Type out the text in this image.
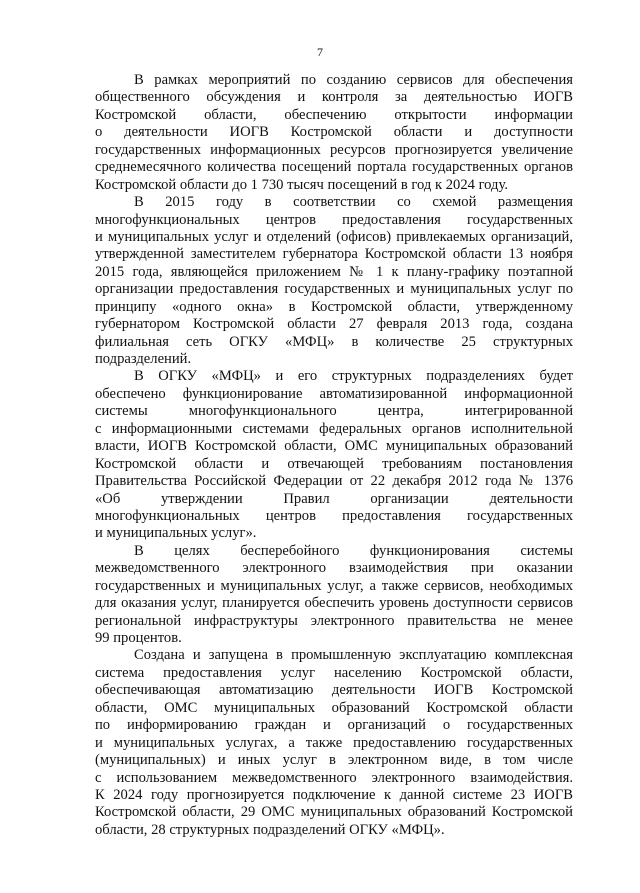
7
В рамках мероприятий по созданию сервисов для обеспечения
общественного обсуждения и контроля за деятельностью ИОГВ
Костромской области, обеспечению открытости информации
о деятельности ИОГВ Костромской области и доступности
государственных информационных ресурсов прогнозируется увеличение
среднемесячного количества посещений портала государственных органов
Костромской области до 1 730 тысяч посещений в год к 2024 году.
В 2015 году в соответствии со схемой размещения
многофункциональных центров предоставления государственных
и муниципальных услуг и отделений (офисов) привлекаемых организаций,
утвержденной заместителем губернатора Костромской области 13 ноября
2015 года, являющейся приложением № 1 к плану-графику поэтапной
организации предоставления государственных и муниципальных услуг по
принципу «одного окна» в Костромской области, утвержденному
губернатором Костромской области 27 февраля 2013 года, создана
филиальная сеть ОГКУ «МФЦ» в количестве 25 структурных
подразделений.
В ОГКУ «МФЦ» и его структурных подразделениях будет
обеспечено функционирование автоматизированной информационной
системы многофункционального центра, интегрированной
с информационными системами федеральных органов исполнительной
власти, ИОГВ Костромской области, ОМС муниципальных образований
Костромской области и отвечающей требованиям постановления
Правительства Российской Федерации от 22 декабря 2012 года № 1376
«Об утверждении Правил организации деятельности
многофункциональных центров предоставления государственных
и муниципальных услуг».
В целях бесперебойного функционирования системы
межведомственного электронного взаимодействия при оказании
государственных и муниципальных услуг, а также сервисов, необходимых
для оказания услуг, планируется обеспечить уровень доступности сервисов
региональной инфраструктуры электронного правительства не менее
99 процентов.
Создана и запущена в промышленную эксплуатацию комплексная
система предоставления услуг населению Костромской области,
обеспечивающая автоматизацию деятельности ИОГВ Костромской
области, ОМС муниципальных образований Костромской области
по информированию граждан и организаций о государственных
и муниципальных услугах, а также предоставлению государственных
(муниципальных) и иных услуг в электронном виде, в том числе
с использованием межведомственного электронного взаимодействия.
К 2024 году прогнозируется подключение к данной системе 23 ИОГВ
Костромской области, 29 ОМС муниципальных образований Костромской
области, 28 структурных подразделений ОГКУ «МФЦ».
